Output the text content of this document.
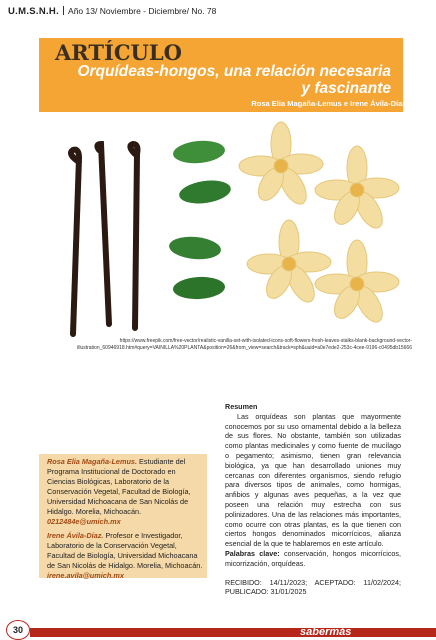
U.M.S.N.H. Año 13/ Noviembre - Diciembre/ No. 78
ARTÍCULO
Orquídeas-hongos, una relación necesaria
y fascinante
Rosa Elia Magaña-Lemus e Irene Ávila-Díaz
https://www.freepik.com/free-vector/realistic-vanilla-set-with-isolated-icons-soft-flowers-fresh-leaves-stalks-blank-background-vector-illustration_60946918.htm#query=VAINILLA%20PLANTA&position=26&from_view=search&track=sph&uuid=a0e7ede2-253c-4cee-9196-c0495db15666

Rosa Elia Magaña-Lemus. Estudiante del Programa Institucional de Doctorado en Ciencias Biológicas, Laboratorio de la Conservación Vegetal, Facultad de Biología, Universidad Michoacana de San Nicolás de Hidalgo. Morelia, Michoacán.
0212484e@umich.mx

Irene Ávila-Díaz. Profesor e Investigador, Laboratorio de la Conservación Vegetal, Facultad de Biología, Universidad Michoacana de San Nicolás de Hidalgo. Morelia, Michoacán.
irene.avila@umich.mx

Resumen

Las orquídeas son plantas que mayormente conocemos por su uso ornamental debido a la belleza de sus flores. No obstante, también son utilizadas como plantas medicinales y como fuente de mucílago o pegamento; asimismo, tienen gran relevancia biológica, ya que han desarrollado uniones muy cercanas con diferentes organismos, siendo refugio para diversos tipos de animales, como hormigas, anfibios y algunas aves pequeñas, a la vez que poseen una relación muy estrecha con sus polinizadores. Una de las relaciones más importantes, como ocurre con otras plantas, es la que tienen con ciertos hongos denominados micorrícicos, alianza esencial de la que te hablaremos en este artículo.

Palabras clave: conservación, hongos micorrícicos, micorrización, orquídeas.

RECIBIDO: 14/11/2023; ACEPTADO: 11/02/2024; PUBLICADO: 31/01/2025

30	sabermás
